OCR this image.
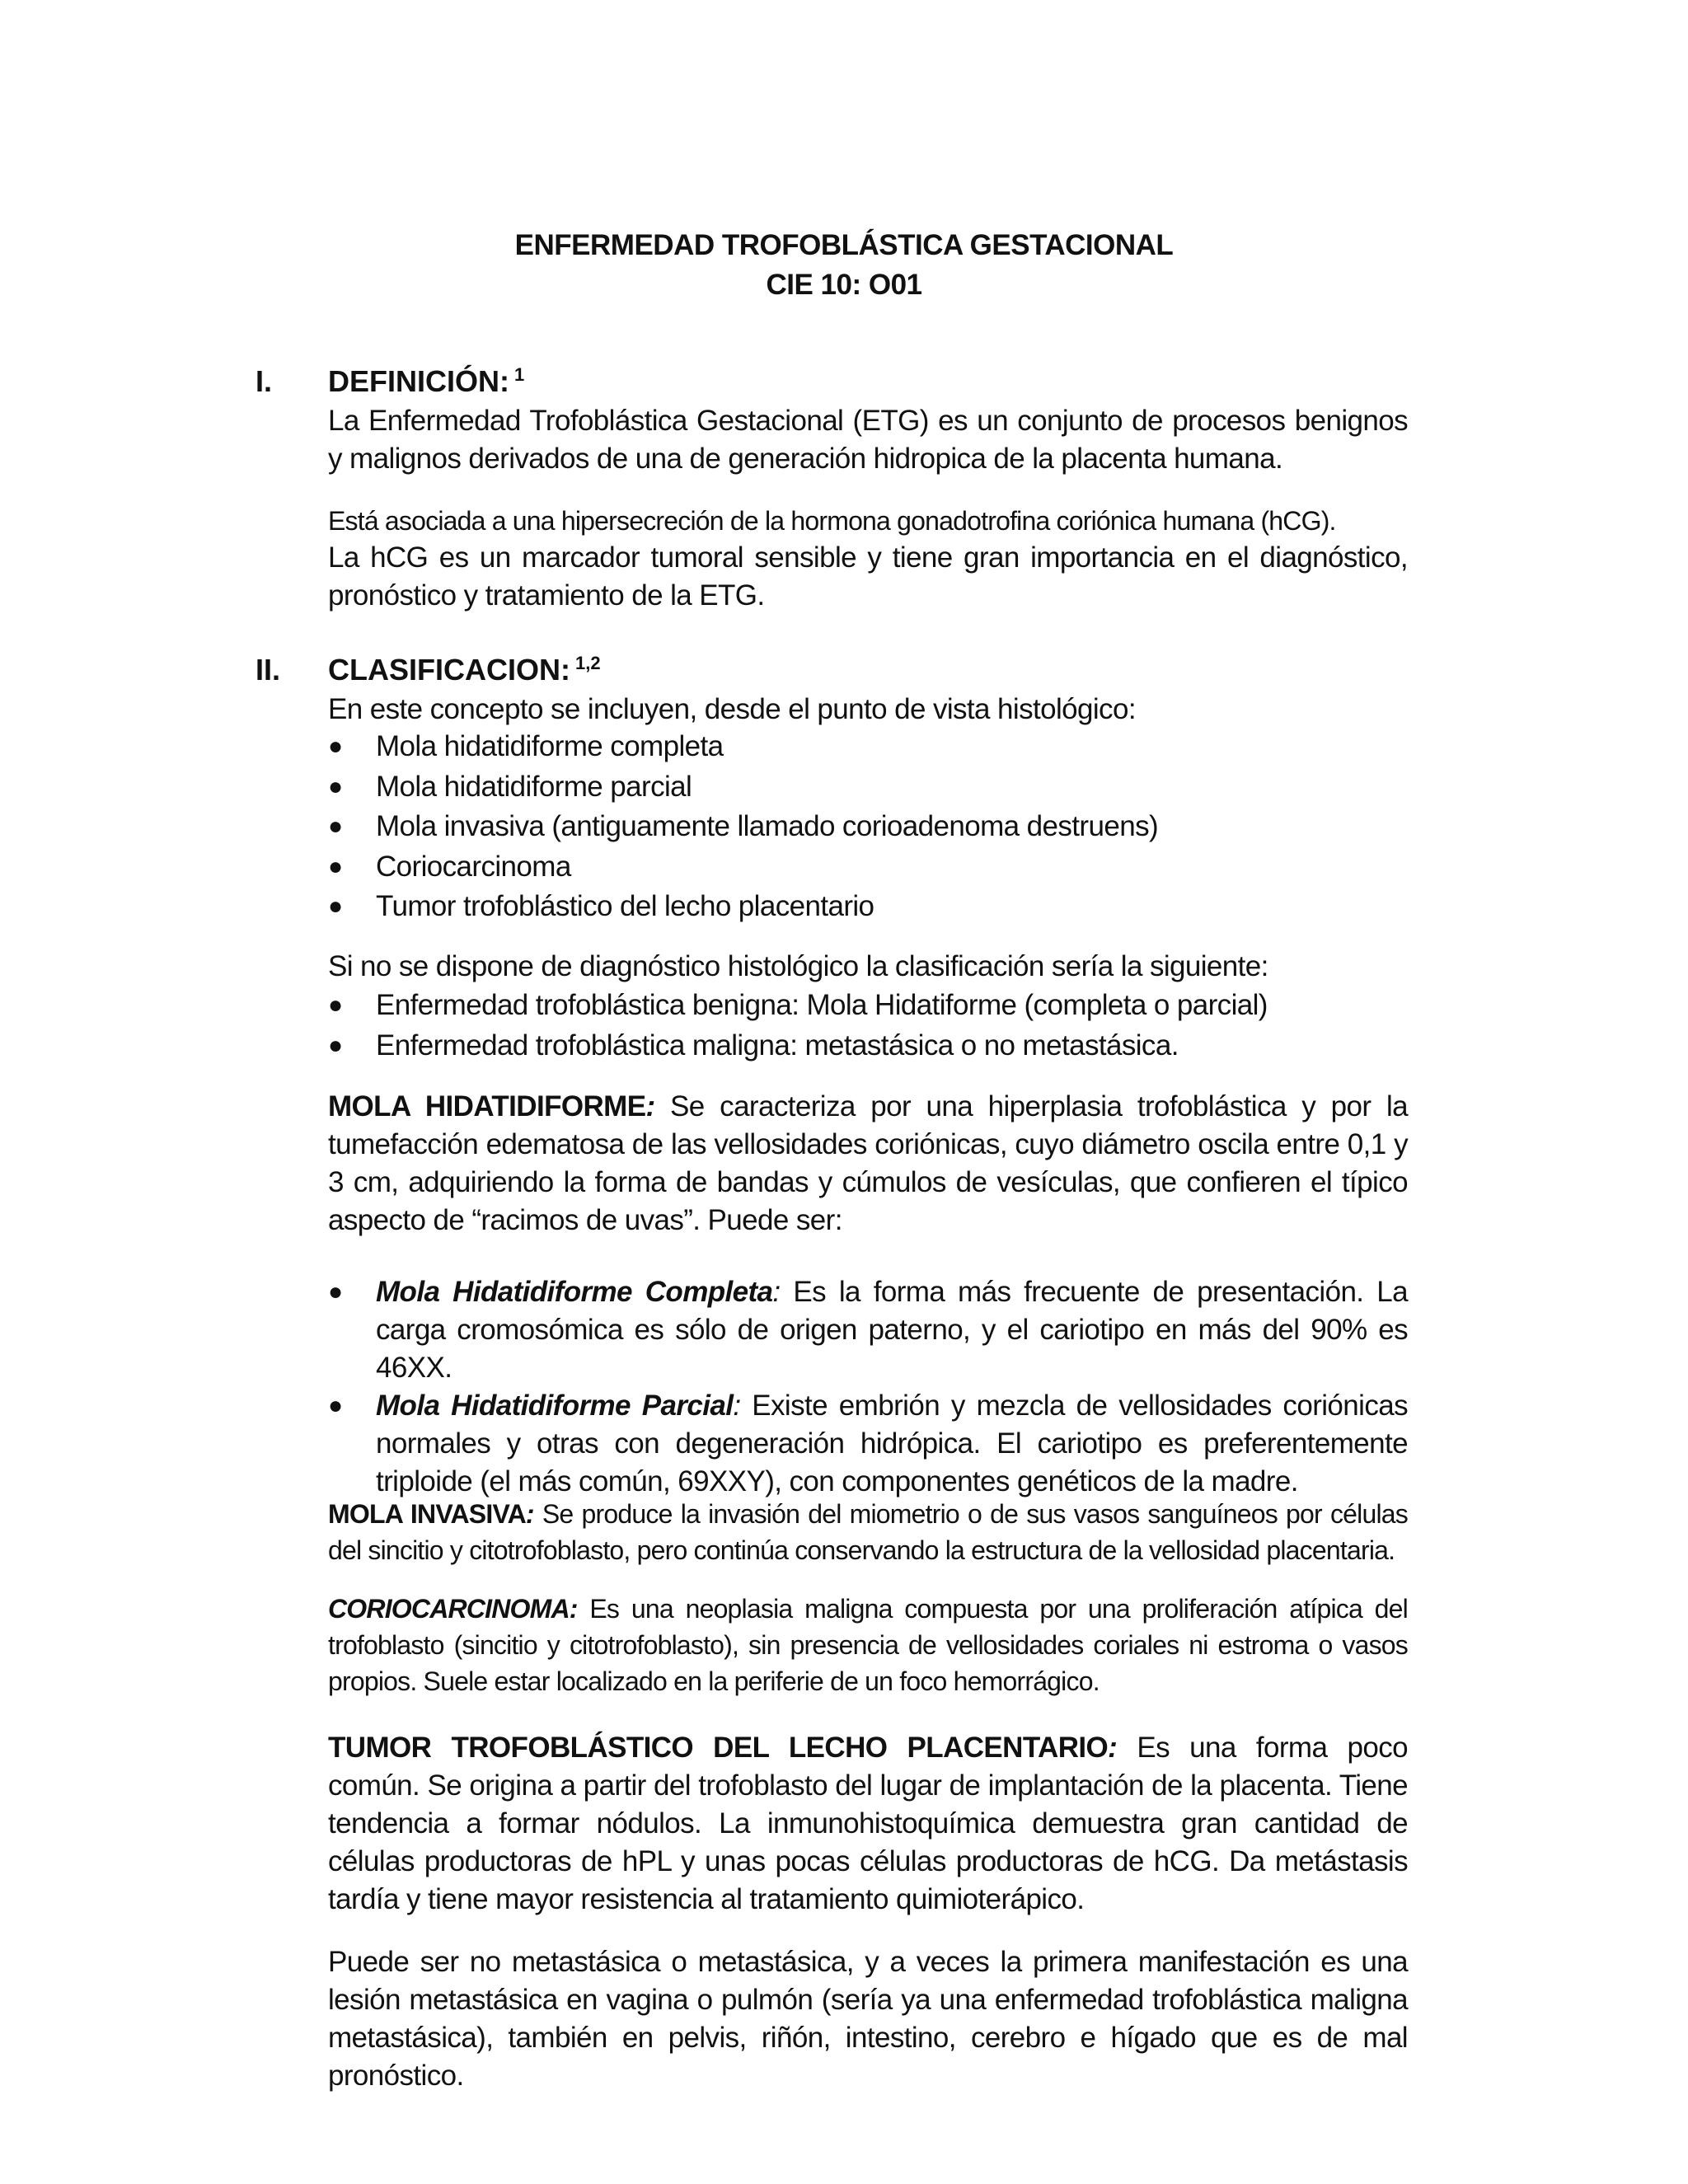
ENFERMEDAD TROFOBLÁSTICA GESTACIONAL
CIE 10: O01
I. DEFINICIÓN: $^1$

La Enfermedad Trofoblástica Gestacional (ETG) es un conjunto de procesos benignos y malignos derivados de una de generación hidropica de la placenta humana.

Está asociada a una hipersecreción de la hormona gonadotrofina coriónica humana (hCG).

La hCG es un marcador tumoral sensible y tiene gran importancia en el diagnóstico, pronóstico y tratamiento de la ETG.

II. CLASIFICACION: $^{1,2}$

En este concepto se incluyen, desde el punto de vista histológico:

●	Mola hidatidiforme completa
●	Mola hidatidiforme parcial
●	Mola invasiva (antiguamente llamado corioadenoma destruens)
●	Coriocarcinoma
●	Tumor trofoblástico del lecho placentario

Si no se dispone de diagnóstico histológico la clasificación sería la siguiente:

●	Enfermedad trofoblástica benigna: Mola Hidatiforme (completa o parcial)
●	Enfermedad trofoblástica maligna: metastásica o no metastásica.

MOLA HIDATIDIFORME: Se caracteriza por una hiperplasia trofoblástica y por la tumefacción edematosa de las vellosidades coriónicas, cuyo diámetro oscila entre 0,1 y 3 cm, adquiriendo la forma de bandas y cúmulos de vesículas, que confieren el típico aspecto de “racimos de uvas”. Puede ser:

●	Mola Hidatidiforme Completa: Es la forma más frecuente de presentación. La carga cromosómica es sólo de origen paterno, y el cariotipo en más del 90% es 46XX.
●	Mola Hidatidiforme Parcial: Existe embrión y mezcla de vellosidades coriónicas normales y otras con degeneración hidrópica. El cariotipo es preferentemente triploide (el más común, 69XXY), con componentes genéticos de la madre.

MOLA INVASIVA: Se produce la invasión del miometrio o de sus vasos sanguíneos por células del sincitio y citotrofoblasto, pero continúa conservando la estructura de la vellosidad placentaria.

CORIOCARCINOMA: Es una neoplasia maligna compuesta por una proliferación atípica del trofoblasto (sincitio y citotrofoblasto), sin presencia de vellosidades coriales ni estroma o vasos propios. Suele estar localizado en la periferie de un foco hemorrágico.

TUMOR TROFOBLÁSTICO DEL LECHO PLACENTARIO: Es una forma poco común. Se origina a partir del trofoblasto del lugar de implantación de la placenta. Tiene tendencia a formar nódulos. La inmunohistoquímica demuestra gran cantidad de células productoras de hPL y unas pocas células productoras de hCG. Da metástasis tardía y tiene mayor resistencia al tratamiento quimioterápico.

Puede ser no metastásica o metastásica, y a veces la primera manifestación es una lesión metastásica en vagina o pulmón (sería ya una enfermedad trofoblástica maligna metastásica), también en pelvis, riñón, intestino, cerebro e hígado que es de mal pronóstico.
